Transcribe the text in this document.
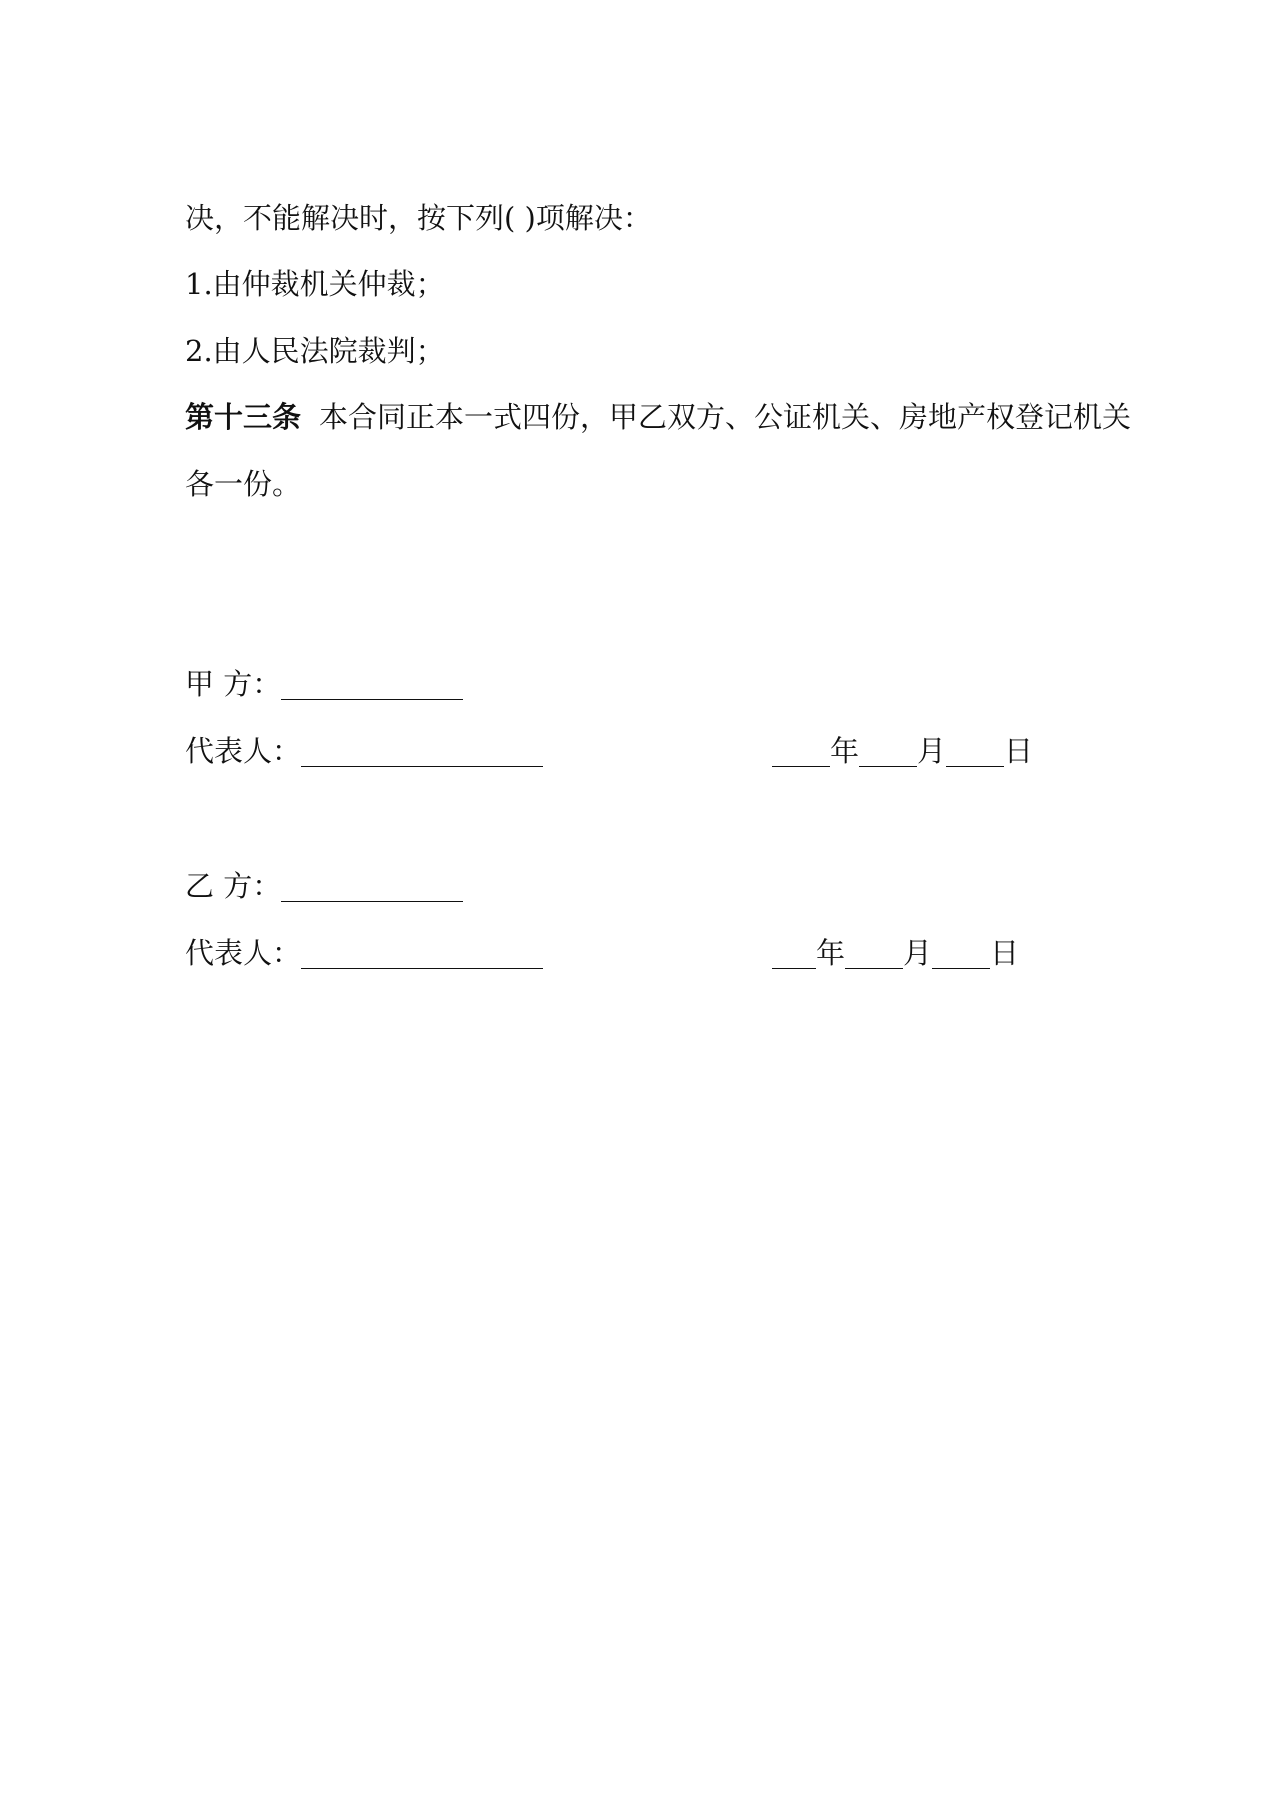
决，不能解决时，按下列( )项解决：
1.由仲裁机关仲裁；
2.由人民法院裁判；
第十三条 本合同正本一式四份，甲乙双方、公证机关、房地产权登记机关
各一份。
甲 方：
代表人：	年 月 日
乙 方：
代表人：	年 月 日
